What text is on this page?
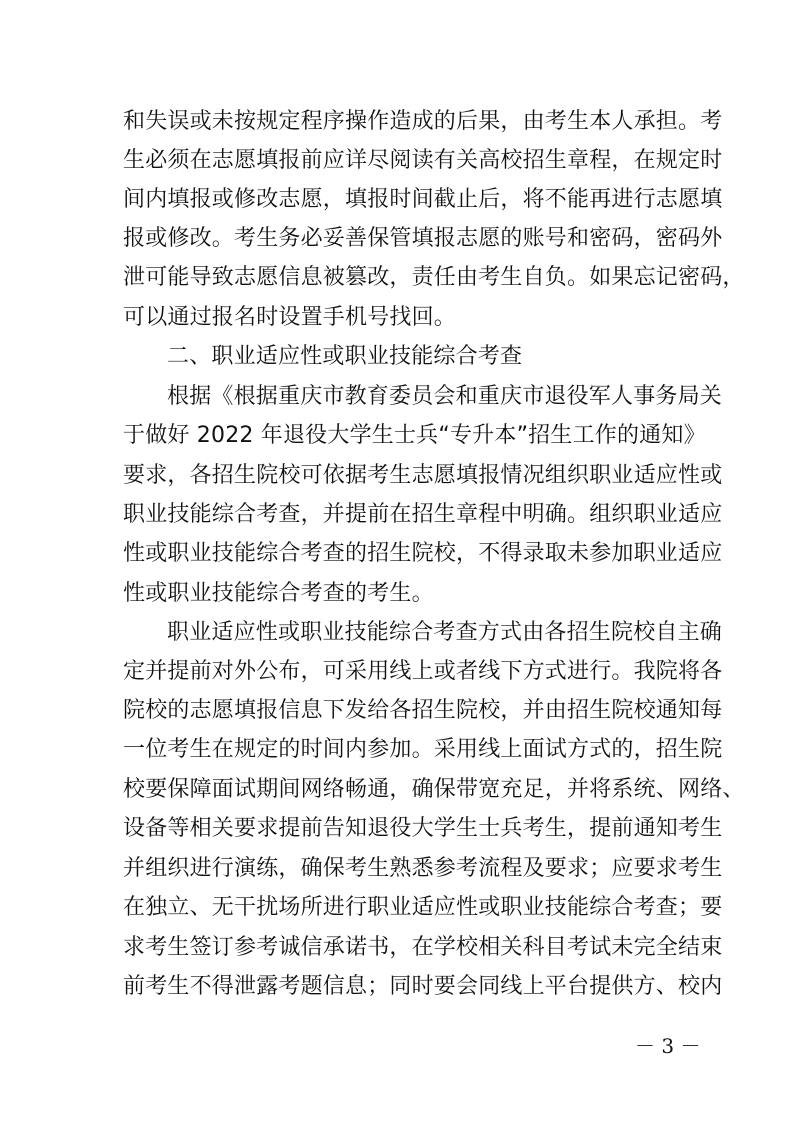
和失误或未按规定程序操作造成的后果，由考生本人承担。考
生必须在志愿填报前应详尽阅读有关高校招生章程，在规定时
间内填报或修改志愿，填报时间截止后，将不能再进行志愿填
报或修改。考生务必妥善保管填报志愿的账号和密码，密码外
泄可能导致志愿信息被篡改，责任由考生自负。如果忘记密码，
可以通过报名时设置手机号找回。
二、职业适应性或职业技能综合考查
根据《根据重庆市教育委员会和重庆市退役军人事务局关
于做好 2022 年退役大学生士兵“专升本”招生工作的通知》
要求，各招生院校可依据考生志愿填报情况组织职业适应性或
职业技能综合考查，并提前在招生章程中明确。组织职业适应
性或职业技能综合考查的招生院校，不得录取未参加职业适应
性或职业技能综合考查的考生。
职业适应性或职业技能综合考查方式由各招生院校自主确
定并提前对外公布，可采用线上或者线下方式进行。我院将各
院校的志愿填报信息下发给各招生院校，并由招生院校通知每
一位考生在规定的时间内参加。采用线上面试方式的，招生院
校要保障面试期间网络畅通，确保带宽充足，并将系统、网络、
设备等相关要求提前告知退役大学生士兵考生，提前通知考生
并组织进行演练，确保考生熟悉参考流程及要求；应要求考生
在独立、无干扰场所进行职业适应性或职业技能综合考查；要
求考生签订参考诚信承诺书，在学校相关科目考试未完全结束
前考生不得泄露考题信息；同时要会同线上平台提供方、校内
－ 3 －
